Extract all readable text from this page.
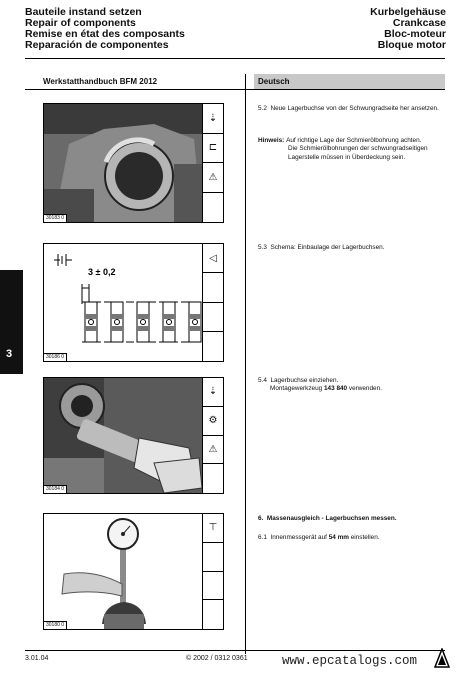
Bauteile instand setzen
Repair of components
Remise en état des composants
Reparación de componentes
Kurbelgehäuse
Crankcase
Bloc-moteur
Bloque motor
Werkstatthandbuch BFM 2012	Deutsch
3
⇣
⊏
⚠
30183 0
3 ± 0,2
◁
30186 0
⇣
⚙
⚠
30184 0
⊤
30180 0
5.2 Neue Lagerbuchse von der Schwungradseite her ansetzen.
Hinweis: Auf richtige Lage der Schmierölbohrung achten.
Die Schmierölbohrungen der schwungradseitigen Lagerstelle müssen in Überdeckung sein.
5.3 Schema: Einbaulage der Lagerbuchsen.
5.4 Lagerbuchse einziehen.
Montagewerkzeug 143 840 verwenden.
6. Massenausgleich - Lagerbuchsen messen.
6.1 Innenmessgerät auf 54 mm einstellen.
3.01.04	© 2002 / 0312 0361	www.epcatalogs.com
